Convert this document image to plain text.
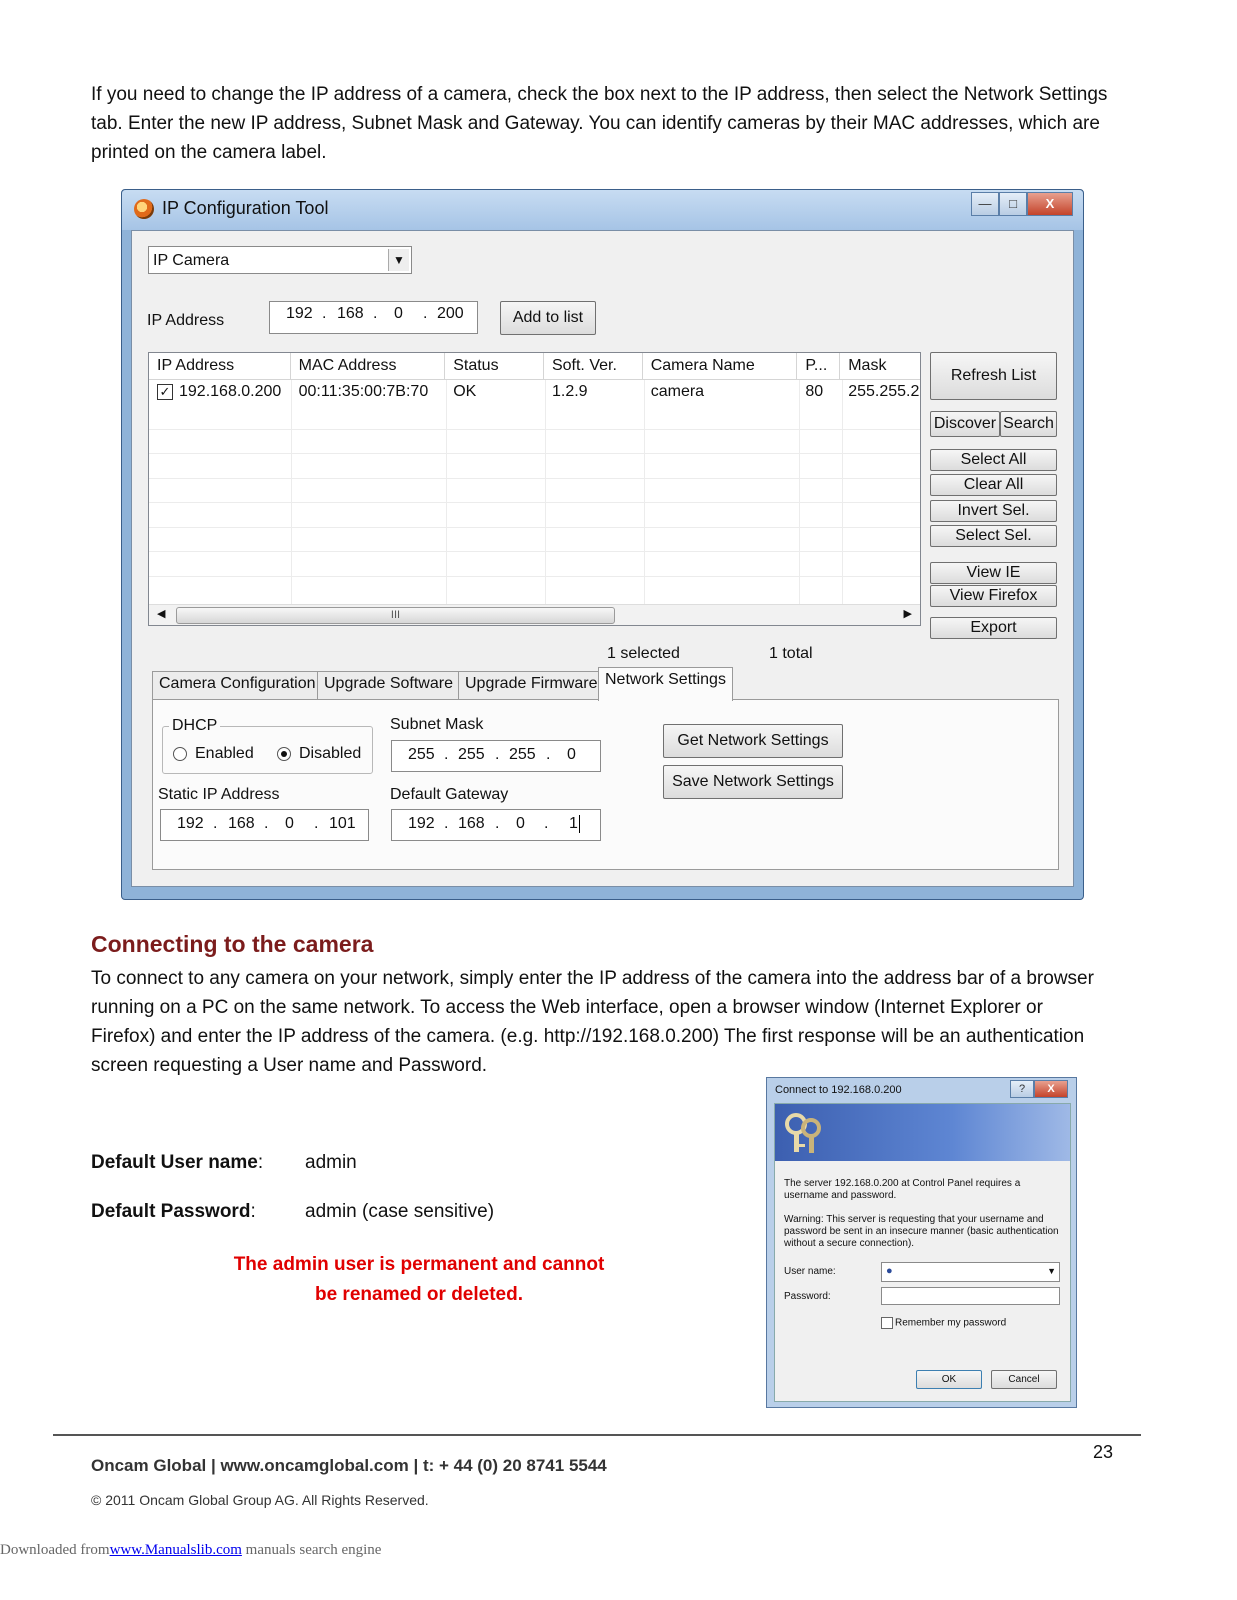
If you need to change the IP address of a camera, check the box next to the IP address, then select the Network Settings
tab. Enter the new IP address, Subnet Mask and Gateway. You can identify cameras by their MAC addresses, which are
printed on the camera label.
IP Configuration Tool	—	□	X
IP Camera	▼
IP Address	192 . 168 . 0 . 200	Add to list
IP Address	MAC Address	Status	Soft. Ver.	Camera Name	P...	Mask
✓ 192.168.0.200	00:11:35:00:7B:70	OK	1.2.9	camera	80	255.255.2
◀	III	▶
Refresh List
Discover Search
Select All
Clear All
Invert Sel.
Select Sel.
View IE
View Firefox
Export
1 selected	1 total
Camera Configuration Upgrade Software Upgrade Firmware Network Settings
DHCP
Enabled	Disabled
Subnet Mask
255 . 255 . 255 . 0
Static IP Address
192 . 168 . 0 . 101
Default Gateway
192 . 168 . 0 . 1
Get Network Settings
Save Network Settings
Connecting to the camera
To connect to any camera on your network, simply enter the IP address of the camera into the address bar of a browser
running on a PC on the same network. To access the Web interface, open a browser window (Internet Explorer or
Firefox) and enter the IP address of the camera. (e.g. http://192.168.0.200) The first response will be an authentication
screen requesting a User name and Password.
Default User name: admin
Default Password:	admin (case sensitive)
The admin user is permanent and cannot
be renamed or deleted.
Connect to 192.168.0.200	?	X
The server 192.168.0.200 at Control Panel requires a
username and password.
Warning: This server is requesting that your username and
password be sent in an insecure manner (basic authentication
without a secure connection).
User name:	●	▼
Password:
Remember my password
OK	Cancel
23
Oncam Global | www.oncamglobal.com | t: + 44 (0) 20 8741 5544
© 2011 Oncam Global Group AG. All Rights Reserved.
Downloaded fromwww.Manualslib.com manuals search engine
